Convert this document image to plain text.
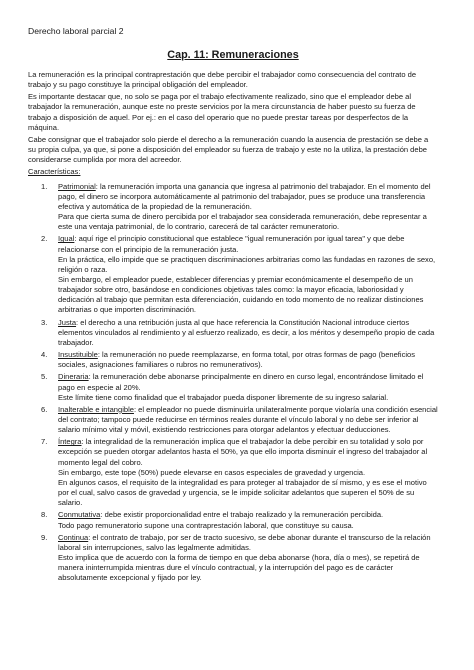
Derecho laboral parcial 2
Cap. 11: Remuneraciones

La remuneración es la principal contraprestación que debe percibir el trabajador como consecuencia del contrato de trabajo y su pago constituye la principal obligación del empleador.

Es importante destacar que, no solo se paga por el trabajo efectivamente realizado, sino que el empleador debe al trabajador la remuneración, aunque este no preste servicios por la mera circunstancia de haber puesto su fuerza de trabajo a disposición de aquel. Por ej.: en el caso del operario que no puede prestar tareas por desperfectos de la máquina.

Cabe consignar que el trabajador solo pierde el derecho a la remuneración cuando la ausencia de prestación se debe a su propia culpa, ya que, si pone a disposición del empleador su fuerza de trabajo y este no la utiliza, la prestación debe considerarse cumplida por mora del acreedor.

Características:

1. Patrimonial: la remuneración importa una ganancia que ingresa al patrimonio del trabajador. En el momento del pago, el dinero se incorpora automáticamente al patrimonio del trabajador, pues se produce una transferencia efectiva y automática de la propiedad de la remuneración.

Para que cierta suma de dinero percibida por el trabajador sea considerada remuneración, debe representar a este una ventaja patrimonial, de lo contrario, carecerá de tal carácter remuneratorio.

2. Igual: aquí rige el principio constitucional que establece "igual remuneración por igual tarea" y que debe relacionarse con el principio de la remuneración justa.

En la práctica, ello impide que se practiquen discriminaciones arbitrarias como las fundadas en razones de sexo, religión o raza.

Sin embargo, el empleador puede, establecer diferencias y premiar económicamente el desempeño de un trabajador sobre otro, basándose en condiciones objetivas tales como: la mayor eficacia, laboriosidad y dedicación al trabajo que permitan esta diferenciación, cuidando en todo momento de no realizar distinciones arbitrarias o que importen discriminación.

3. Justa: el derecho a una retribución justa al que hace referencia la Constitución Nacional introduce ciertos elementos vinculados al rendimiento y al esfuerzo realizado, es decir, a los méritos y desempeño propio de cada trabajador.

4. Insustituible: la remuneración no puede reemplazarse, en forma total, por otras formas de pago (beneficios sociales, asignaciones familiares o rubros no remunerativos).

5. Dineraria: la remuneración debe abonarse principalmente en dinero en curso legal, encontrándose limitado el pago en especie al 20%.

Este límite tiene como finalidad que el trabajador pueda disponer libremente de su ingreso salarial.

6. Inalterable e intangible: el empleador no puede disminuirla unilateralmente porque violaría una condición esencial del contrato; tampoco puede reducirse en términos reales durante el vínculo laboral y no debe ser inferior al salario mínimo vital y móvil, existiendo restricciones para otorgar adelantos y efectuar deducciones.

7. Íntegra: la integralidad de la remuneración implica que el trabajador la debe percibir en su totalidad y solo por excepción se pueden otorgar adelantos hasta el 50%, ya que ello importa disminuir el ingreso del trabajador al momento legal del cobro.

Sin embargo, este tope (50%) puede elevarse en casos especiales de gravedad y urgencia.

En algunos casos, el requisito de la integralidad es para proteger al trabajador de sí mismo, y es ese el motivo por el cual, salvo casos de gravedad y urgencia, se le impide solicitar adelantos que superen el 50% de su salario.

8. Conmutativa: debe existir proporcionalidad entre el trabajo realizado y la remuneración percibida.

Todo pago remuneratorio supone una contraprestación laboral, que constituye su causa.

9. Continua: el contrato de trabajo, por ser de tracto sucesivo, se debe abonar durante el transcurso de la relación laboral sin interrupciones, salvo las legalmente admitidas.

Esto implica que de acuerdo con la forma de tiempo en que deba abonarse (hora, día o mes), se repetirá de manera ininterrumpida mientras dure el vínculo contractual, y la interrupción del pago es de carácter absolutamente excepcional y fijado por ley.
